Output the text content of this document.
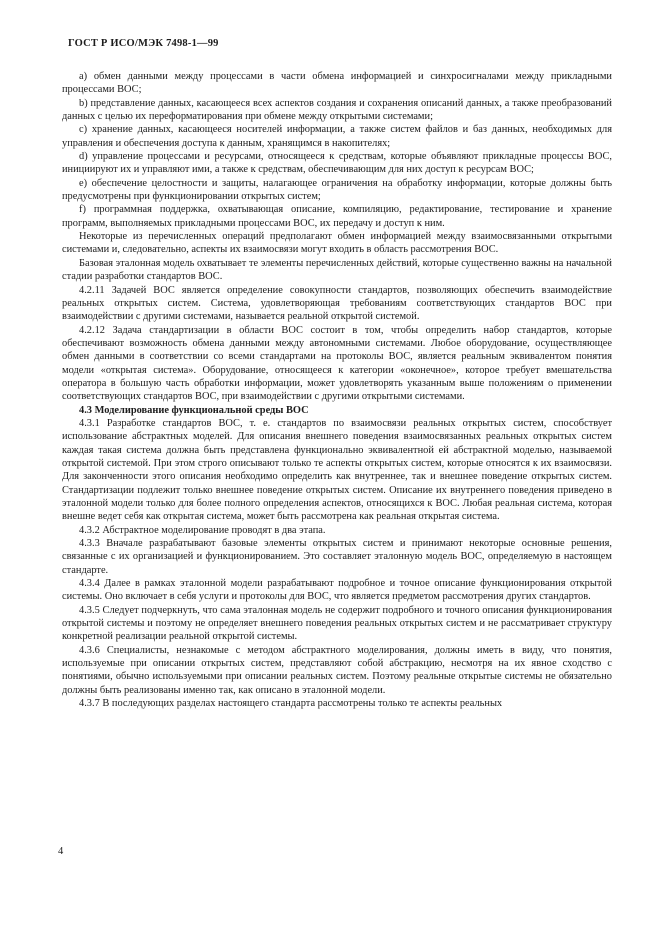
ГОСТ Р ИСО/МЭК 7498-1—99
a) обмен данными между процессами в части обмена информацией и синхросигналами между прикладными процессами ВОС;
b) представление данных, касающееся всех аспектов создания и сохранения описаний данных, а также преобразований данных с целью их переформатирования при обмене между открытыми системами;
c) хранение данных, касающееся носителей информации, а также систем файлов и баз данных, необходимых для управления и обеспечения доступа к данным, хранящимся в накопителях;
d) управление процессами и ресурсами, относящееся к средствам, которые объявляют прикладные процессы ВОС, инициируют их и управляют ими, а также к средствам, обеспечивающим для них доступ к ресурсам ВОС;
e) обеспечение целостности и защиты, налагающее ограничения на обработку информации, которые должны быть предусмотрены при функционировании открытых систем;
f) программная поддержка, охватывающая описание, компиляцию, редактирование, тестирование и хранение программ, выполняемых прикладными процессами ВОС, их передачу и доступ к ним.
Некоторые из перечисленных операций предполагают обмен информацией между взаимосвязанными открытыми системами и, следовательно, аспекты их взаимосвязи могут входить в область рассмотрения ВОС.
Базовая эталонная модель охватывает те элементы перечисленных действий, которые существенно важны на начальной стадии разработки стандартов ВОС.
4.2.11 Задачей ВОС является определение совокупности стандартов, позволяющих обеспечить взаимодействие реальных открытых систем. Система, удовлетворяющая требованиям соответствующих стандартов ВОС при взаимодействии с другими системами, называется реальной открытой системой.
4.2.12 Задача стандартизации в области ВОС состоит в том, чтобы определить набор стандартов, которые обеспечивают возможность обмена данными между автономными системами. Любое оборудование, осуществляющее обмен данными в соответствии со всеми стандартами на протоколы ВОС, является реальным эквивалентом понятия модели «открытая система». Оборудование, относящееся к категории «оконечное», которое требует вмешательства оператора в большую часть обработки информации, может удовлетворять указанным выше положениям о применении соответствующих стандартов ВОС, при взаимодействии с другими открытыми системами.
4.3 Моделирование функциональной среды ВОС
4.3.1 Разработке стандартов ВОС, т. е. стандартов по взаимосвязи реальных открытых систем, способствует использование абстрактных моделей. Для описания внешнего поведения взаимосвязанных реальных открытых систем каждая такая система должна быть представлена функционально эквивалентной ей абстрактной моделью, называемой открытой системой. При этом строго описывают только те аспекты открытых систем, которые относятся к их взаимосвязи. Для законченности этого описания необходимо определить как внутреннее, так и внешнее поведение открытых систем. Стандартизации подлежит только внешнее поведение открытых систем. Описание их внутреннего поведения приведено в эталонной модели только для более полного определения аспектов, относящихся к ВОС. Любая реальная система, которая внешне ведет себя как открытая система, может быть рассмотрена как реальная открытая система.
4.3.2 Абстрактное моделирование проводят в два этапа.
4.3.3 Вначале разрабатывают базовые элементы открытых систем и принимают некоторые основные решения, связанные с их организацией и функционированием. Это составляет эталонную модель ВОС, определяемую в настоящем стандарте.
4.3.4 Далее в рамках эталонной модели разрабатывают подробное и точное описание функционирования открытой системы. Оно включает в себя услуги и протоколы для ВОС, что является предметом рассмотрения других стандартов.
4.3.5 Следует подчеркнуть, что сама эталонная модель не содержит подробного и точного описания функционирования открытой системы и поэтому не определяет внешнего поведения реальных открытых систем и не рассматривает структуру конкретной реализации реальной открытой системы.
4.3.6 Специалисты, незнакомые с методом абстрактного моделирования, должны иметь в виду, что понятия, используемые при описании открытых систем, представляют собой абстракцию, несмотря на их явное сходство с понятиями, обычно используемыми при описании реальных систем. Поэтому реальные открытые системы не обязательно должны быть реализованы именно так, как описано в эталонной модели.
4.3.7 В последующих разделах настоящего стандарта рассмотрены только те аспекты реальных
4
